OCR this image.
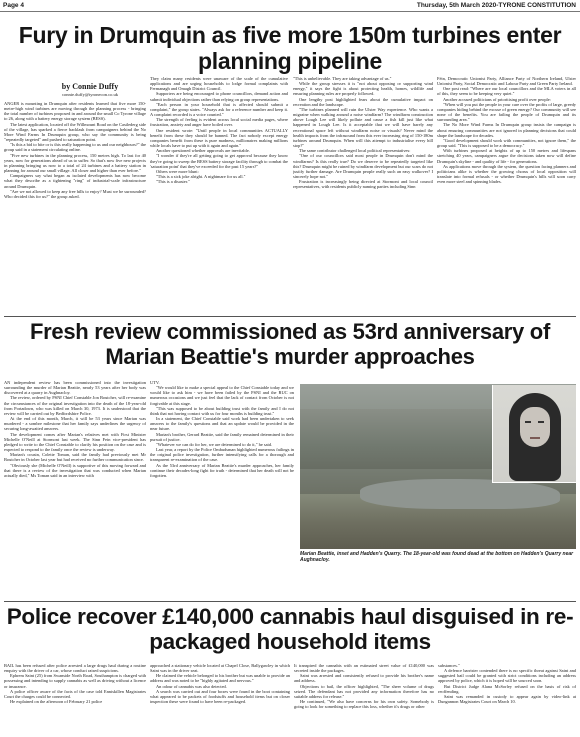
Page 4	Thursday, 5th March 2020-TYRONE CONSTITUTION
Fury in Drumquin as five more 150m turbines enter planning pipeline
by Connie Duffy
connie.duffy@tyronecon.co.uk

ANGER is mounting in Drumquin after residents learned that five more 150-metre-high wind turbines are moving through the planning process - bringing the total number of turbines proposed in and around the small Co Tyrone village to 26, along with a battery energy storage system (BESS).

The latest application, located off the Willmount Road on the Castlederg side of the village, has sparked a fierce backlash from campaigners behind the No More Wind Farms In Drumquin group, who say the community is being "repeatedly targeted" and pushed to saturation point.

"Is this a bid to bite or is this really happening to us and our neighbours?" the group said in a statement circulating online.

"Five new turbines in the planning process, 150 metres high. To last for 40 years, now for generations ahead of us to suffer. So that's now five new projects in planning bringing us now to a total of 24 turbines and a battery station in planning for around our small village. All closer and higher than ever before."

Campaigners say what began as isolated developments has now become what they describe as a tightening "ring" of industrial-scale infrastructure around Drumquin.

"Are we not allowed to keep any free hills to enjoy? Must we be surrounded? Who decided this for us?" the group asked.

They claim many residents were unaware of the scale of the cumulative applications and are urging households to lodge formal complaints with Fermanagh and Omagh District Council.

Supporters are being encouraged to phone councillors, demand action and submit individual objections rather than relying on group representations.

"Each person in your household that is affected should submit a complaint," the group states. "Always ask for a reference number and keep it. A complaint recorded is a voice counted."

The strength of feeling is evident across local social media pages, where frustration, anxiety and anger have boiled over.

One resident wrote: "Until people in local communities ACTUALLY benefit from these they should be banned. The fact nobody except energy companies benefit from these is pure madness, millionaires making millions while locals have to put up with it again and again."

Another questioned whether approvals are inevitable.

"I wonder if they're all getting going to get approval because they know they're going to sweep the BESS battery storage facility through to combat the 'saturation point' that they've exceeded for the past 15 years?"

Others were more blunt:

"This is a sick joke alright. A nightmare for us all."

"This is a disaster."

"This is unbelievable. They are taking advantage of us."

While the group stresses it is "not about opposing or supporting wind energy," it says the fight is about protecting health, homes, wildlife and ensuring planning rules are properly followed.

One lengthy post highlighted fears about the cumulative impact on recreation and the landscape.

"The turbines planned will ruin the Ulster Way experience. Who wants a migraine when walking around a noise windfarm? The windfarm construction above Lough Lee will likely pollute and cause a fish kill just like what happened in Lough Lee. Is it acceptable that we will have barely any recreational space left without windfarm noise or visuals? Never mind the health impacts from the infrasound from this ever increasing ring of 150-180m turbines around Drumquin. When will this attempt to industrialise every hill stop?"

The same contributor challenged local political representatives:

"One of our councillors said most people in Drumquin don't mind the windfarms? Is this really true? Do we deserve to be repeatedly targeted like this? Drumquin might be ruined by windfarm development but our scars do not justify further damage. Are Drumquin people really such an easy walkover? I sincerely hope not."

Frustration is increasingly being directed at Stormont and local council representatives, with residents publicly naming parties including Sinn

Féin, Democratic Unionist Party, Alliance Party of Northern Ireland, Ulster Unionist Party, Social Democratic and Labour Party and Green Party Ireland.

One post read: "Where are our local councillors and the MLA voters in all of this, they seem to be keeping very quiet."

Another accused politicians of prioritising profit over people:

"When will you put the people in your care over the profits of large, greedy companies hiding behind the excuse of green energy? Our community will see none of the benefits. You are failing the people of Drumquin and its surrounding area."

The No More Wind Farms In Drumquin group insists the campaign is about ensuring communities are not ignored in planning decisions that could shape the landscape for decades.

"Good development should work with communities, not ignore them," the group said. "This is supposed to be a democracy."

With turbines proposed at heights of up to 150 metres and lifespans stretching 40 years, campaigners argue the decisions taken now will define Drumquin's skyline - and quality of life - for generations.

As applications move through the system, the question facing planners and politicians alike is whether the growing chorus of local opposition will translate into formal refusals - or whether Drumquin's hills will soon carry even more steel and spinning blades.

Fresh review commissioned as 53rd anniversary of Marian Beattie's murder approaches

AN independent review has been commissioned into the investigation surrounding the murder of Marian Beattie, nearly 53 years after her body was discovered at a quarry in Aughnacloy.

The review, ordered by PSNI Chief Constable Jon Boutcher, will re-examine the circumstances of the original investigation into the death of the 18-year-old from Portadown, who was killed on March 30, 1973. It is understood that the review will be carried out by Bedfordshire Police.

At the end of this month, March, it will be 53 years since Marian was murdered - a sombre milestone that her family says underlines the urgency of securing long-awaited answers.

The development comes after Marian's relatives met with First Minister Michelle O'Neill at Stormont last week. The Sinn Fein vice-president has pledged to write to the Chief Constable to clarify his position on the case and is expected to respond to the family once the review is underway.

Marian's cousin, Colette Toman, said the family had previously met Mr Boutcher in October last year but had received no further communication since.

"Obviously she (Michelle O'Neill) is supportive of this moving forward and that there is a review of the investigation that was conducted when Marian actually died," Ms Toman said in an interview with

UTV.

"We would like to make a special appeal to the Chief Constable today and we would like to ask him - we have been failed by the PSNI and the RUC on numerous occasions and we just feel that the lack of contact from October is not forgivable at this stage.

"This was supposed to be about building trust with the family and I do not think that not having contact with us for four months is building trust."

In a statement, the Chief Constable said work had been undertaken to seek answers to the family's questions and that an update would be provided in the near future.

Marian's brother, Gerard Beattie, said the family remained determined in their pursuit of justice.

"Whatever we can do for her, we are determined to do it," he said.

Last year, a report by the Police Ombudsman highlighted numerous failings in the original police investigation, further intensifying calls for a thorough and transparent re-examination of the case.

As the 53rd anniversary of Marian Beattie's murder approaches, her family continue their decades-long fight for truth - determined that her death will not be forgotten.

Marian Beattie, inset and Hadden's Quarry. The 18-year-old was found dead at the bottom on Hadden's Quarry near Aughnacloy.
Police recover £140,000 cannabis haul disguised in re-packaged household items

BAIL has been refused after police arrested a large drugs haul during a routine enquiry with the driver of a car, whose conduct raised suspicions.

Ephrem Saint (25) from Swanside North Road, Southampton is charged with possessing and intending to supply cannabis as well as driving without a licence or insurance.

A police officer aware of the facts of the case told Enniskillen Magistrates Court the charges could be connected.

He explained on the afternoon of February 21 police

approached a stationary vehicle located at Chapel Close, Ballygawley in which Saint was in the driver seat.

He claimed the vehicle belonged to his brother but was unable to provide an address and was noted to be "highly agitated and nervous."

An odour of cannabis was also detected.

A search was carried out and four boxes were found in the boot containing what appeared to be packets of foodstuffs and household items but on closer inspection these were found to have been re-packaged.

It transpired the cannabis with an estimated street value of £140,000 was secreted inside the packages.

Saint was arrested and consistently refused to provide his brother's name and address.

Objections to bail, the officer highlighted, "The sheer volume of drugs seized. The defendant has not provided any information therefore has no suitable address for release."

He continued, "We also have concerns for his own safety. Somebody is going to look for something to replace this loss, whether it's drugs or other

substances."

A defence barrister contended there is no specific threat against Saint and suggested bail could be granted with strict conditions including an address approved by police, which it is hoped will be sourced soon.

But District Judge Alana McSorley refused on the basis of risk of reoffending.

Saint was remanded in custody to appear again by video-link at Dungannon Magistrates Court on March 10.
